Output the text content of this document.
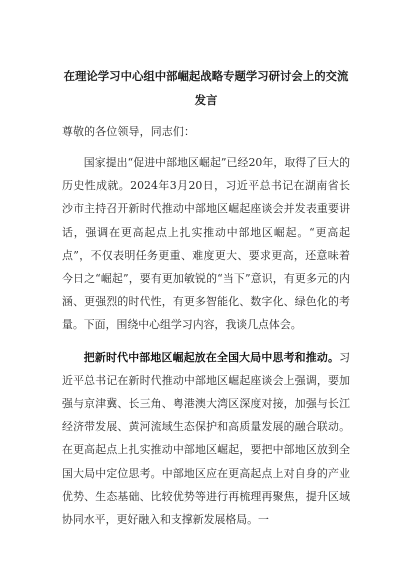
在理论学习中心组中部崛起战略专题学习研讨会上的交流发言

尊敬的各位领导，同志们：

国家提出“促进中部地区崛起”已经20年，取得了巨大的历史性成就。2024年3月20日，习近平总书记在湖南省长沙市主持召开新时代推动中部地区崛起座谈会并发表重要讲话，强调在更高起点上扎实推动中部地区崛起。“更高起点”，不仅表明任务更重、难度更大、要求更高，还意味着今日之“崛起”，要有更加敏锐的“当下”意识，有更多元的内涵、更强烈的时代性，有更多智能化、数字化、绿色化的考量。下面，围绕中心组学习内容，我谈几点体会。

把新时代中部地区崛起放在全国大局中思考和推动。习近平总书记在新时代推动中部地区崛起座谈会上强调，要加强与京津冀、长三角、粤港澳大湾区深度对接，加强与长江经济带发展、黄河流域生态保护和高质量发展的融合联动。在更高起点上扎实推动中部地区崛起，要把中部地区放到全国大局中定位思考。中部地区应在更高起点上对自身的产业优势、生态基础、比较优势等进行再梳理再聚焦，提升区域协同水平，更好融入和支撑新发展格局。一
